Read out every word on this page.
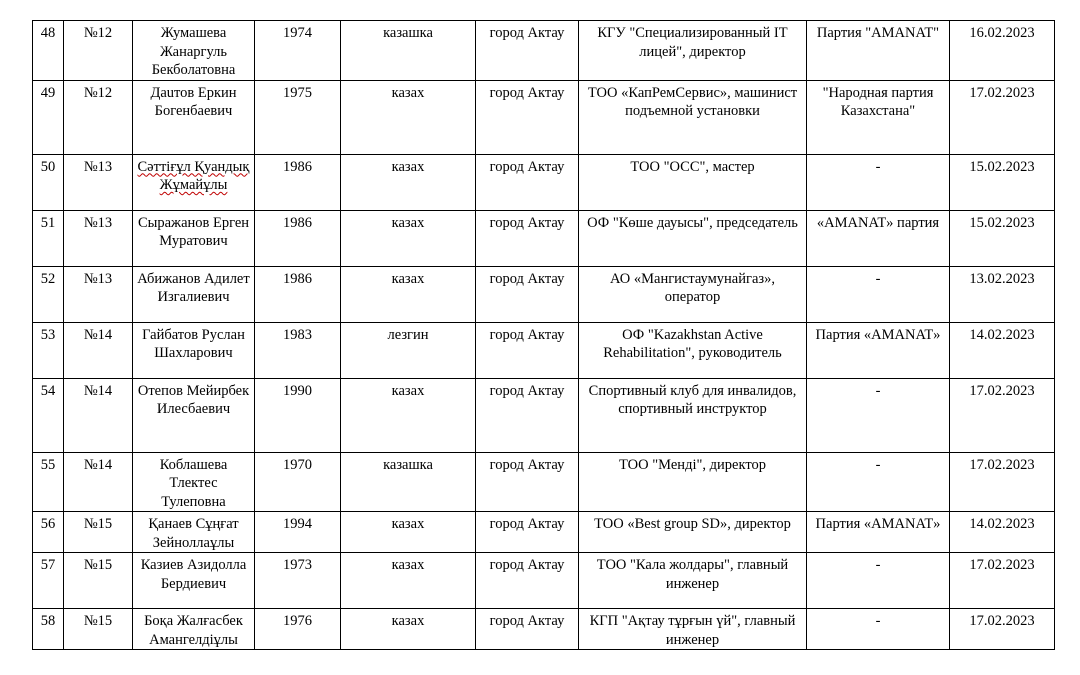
48	№12	Жумашева Жанаргуль Бекболатовна	1974	казашка	город Актау	КГУ "Специализированный IT лицей", директор	Партия "AMANAT"	16.02.2023
49	№12	Даuтов Еркин Богенбаевич	1975	казах	город Актау	ТОО «КапРемСервис», машинист подъемной установки	"Народная партия Казахстана"	17.02.2023
50	№13	Сәттіғұл Қуандық Жұмайұлы	1986	казах	город Актау	ТОО "ОСС", мастер	-	15.02.2023
51	№13	Сыражанов Ерген Муратович	1986	казах	город Актау	ОФ "Көше дауысы", председатель	«AMANAT» партия	15.02.2023
52	№13	Абижанов Адилет Изгалиевич	1986	казах	город Актау	АО «Мангистаумунайгаз», оператор	-	13.02.2023
53	№14	Гайбатов Руслан Шахларович	1983	лезгин	город Актау	ОФ "Kazakhstan Active Rehabilitation", руководитель	Партия «AMANAT»	14.02.2023
54	№14	Отепов Мейирбек Илесбаевич	1990	казах	город Актау	Спортивный клуб для инвалидов, спортивный инструктор	-	17.02.2023
55	№14	Коблашева Тлектес Тулеповна	1970	казашка	город Актау	ТОО "Менді", директор	-	17.02.2023
56	№15	Қанаев Сұңғат Зейноллаұлы	1994	казах	город Актау	ТОО «Best group SD», директор	Партия «AMANAT»	14.02.2023
57	№15	Казиев Азидолла Бердиевич	1973	казах	город Актау	ТОО "Кала жолдары", главный инженер	-	17.02.2023
58	№15	Боқа Жалғасбек Амангелдіұлы	1976	казах	город Актау	КГП "Ақтау тұрғын үй", главный инженер	-	17.02.2023
